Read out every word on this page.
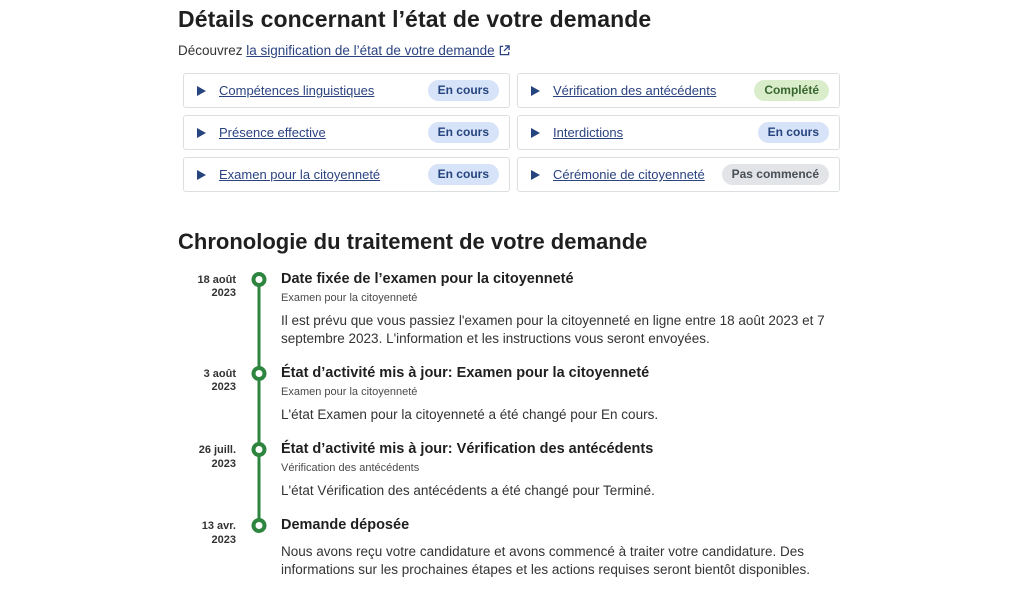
Détails concernant l’état de votre demande

Découvrez la signification de l’état de votre demande

Compétences linguistiques	En cours	Vérification des antécédents	Complété
Présence effective	En cours	Interdictions	En cours
Examen pour la citoyenneté	En cours	Cérémonie de citoyenneté	Pas commencé
Chronologie du traitement de votre demande
18 août 2023
Date fixée de l’examen pour la citoyenneté
Examen pour la citoyenneté
Il est prévu que vous passiez l'examen pour la citoyenneté en ligne entre 18 août 2023 et 7 septembre 2023. L'information et les instructions vous seront envoyées.
3 août 2023
État d’activité mis à jour: Examen pour la citoyenneté
Examen pour la citoyenneté
L'état Examen pour la citoyenneté a été changé pour En cours.
26 juill. 2023
État d’activité mis à jour: Vérification des antécédents
Vérification des antécédents
L'état Vérification des antécédents a été changé pour Terminé.
13 avr. 2023
Demande déposée
Nous avons reçu votre candidature et avons commencé à traiter votre candidature. Des informations sur les prochaines étapes et les actions requises seront bientôt disponibles.
